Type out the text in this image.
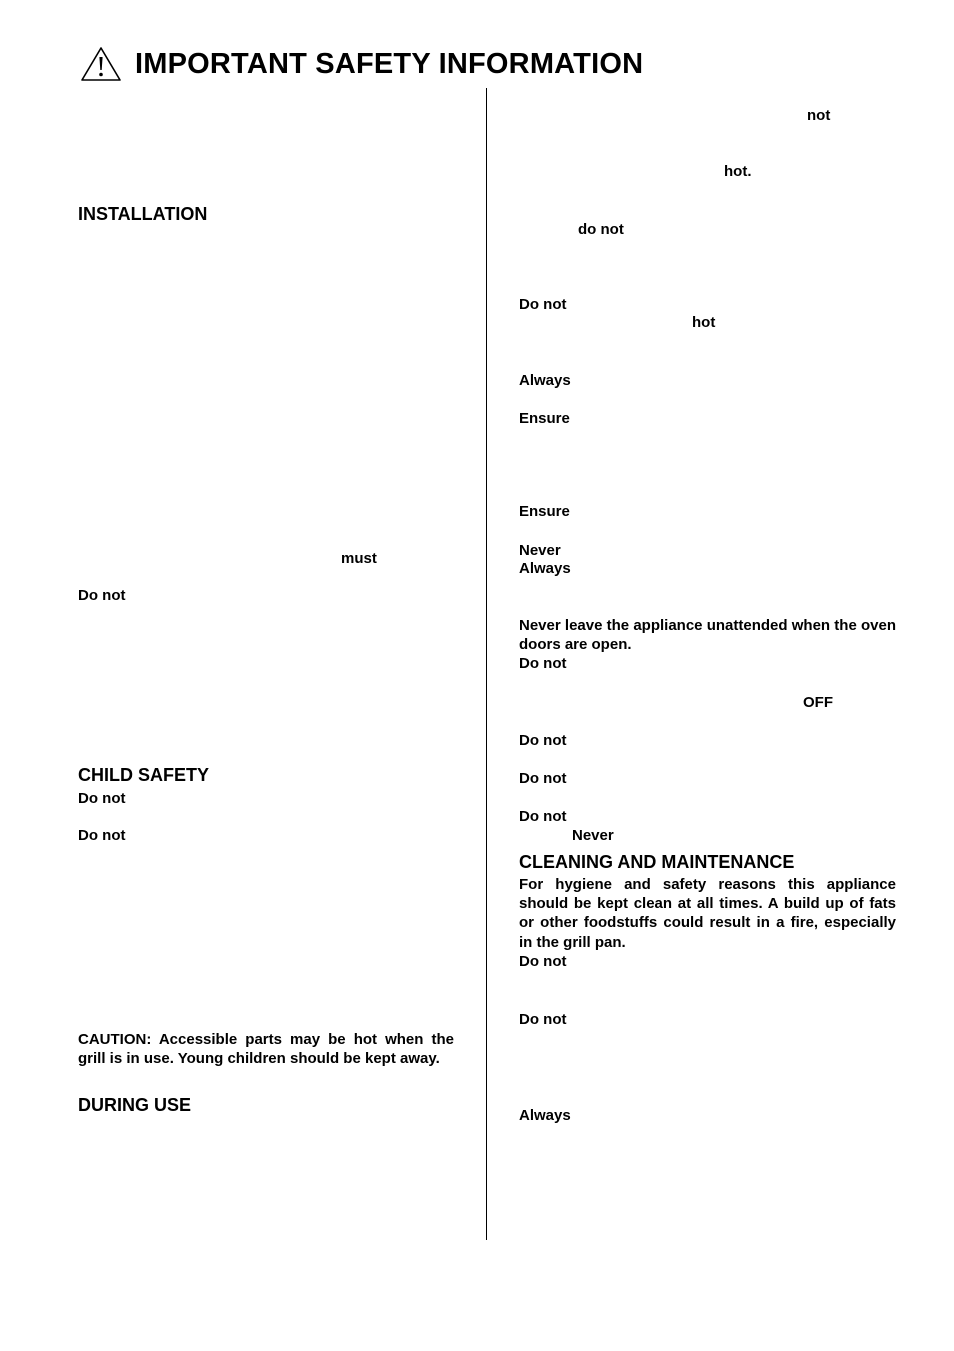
IMPORTANT SAFETY INFORMATION
INSTALLATION
must
Do not
CHILD SAFETY
Do not
Do not
CAUTION: Accessible parts may be hot when the grill is in use. Young children should be kept away.
DURING USE
not
hot.
do not
Do not
hot
Always
Ensure
Ensure
Never
Always
Never leave the appliance unattended when the oven doors are open.
Do not
OFF
Do not
Do not
Do not
Never
CLEANING AND MAINTENANCE
For hygiene and safety reasons this appliance should be kept clean at all times. A build up of fats or other foodstuffs could result in a fire, especially in the grill pan.
Do not
Do not
Always
